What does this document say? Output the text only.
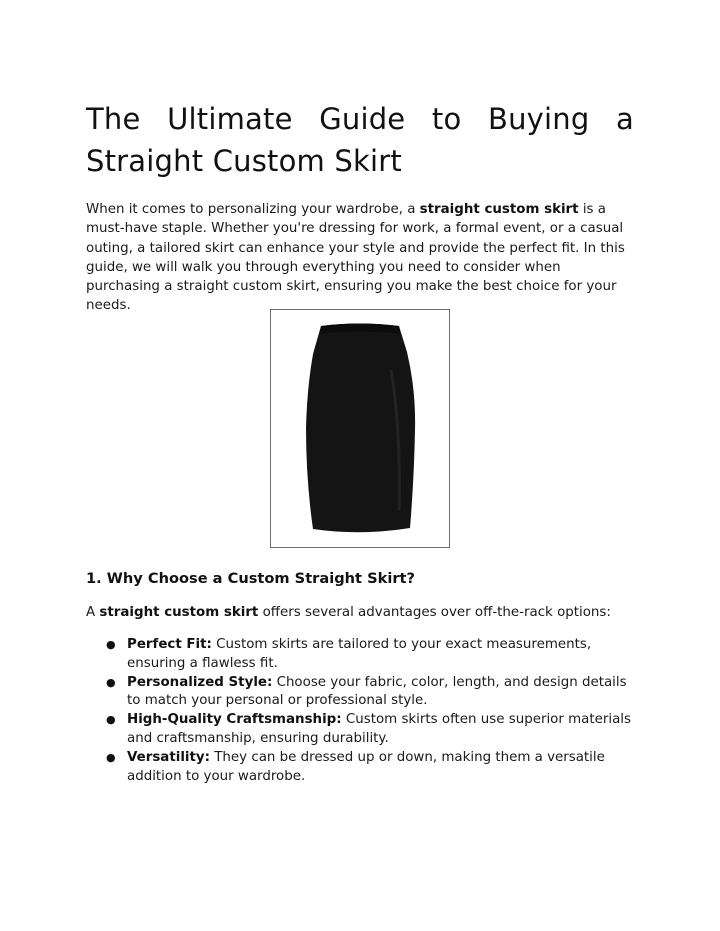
The Ultimate Guide to Buying a
Straight Custom Skirt

When it comes to personalizing your wardrobe, a straight custom skirt is a must-have staple. Whether you're dressing for work, a formal event, or a casual outing, a tailored skirt can enhance your style and provide the perfect fit. In this guide, we will walk you through everything you need to consider when purchasing a straight custom skirt, ensuring you make the best choice for your needs.

1. Why Choose a Custom Straight Skirt?

A straight custom skirt offers several advantages over off-the-rack options:

● Perfect Fit: Custom skirts are tailored to your exact measurements, ensuring a flawless fit.
● Personalized Style: Choose your fabric, color, length, and design details to match your personal or professional style.
● High-Quality Craftsmanship: Custom skirts often use superior materials and craftsmanship, ensuring durability.
● Versatility: They can be dressed up or down, making them a versatile addition to your wardrobe.
